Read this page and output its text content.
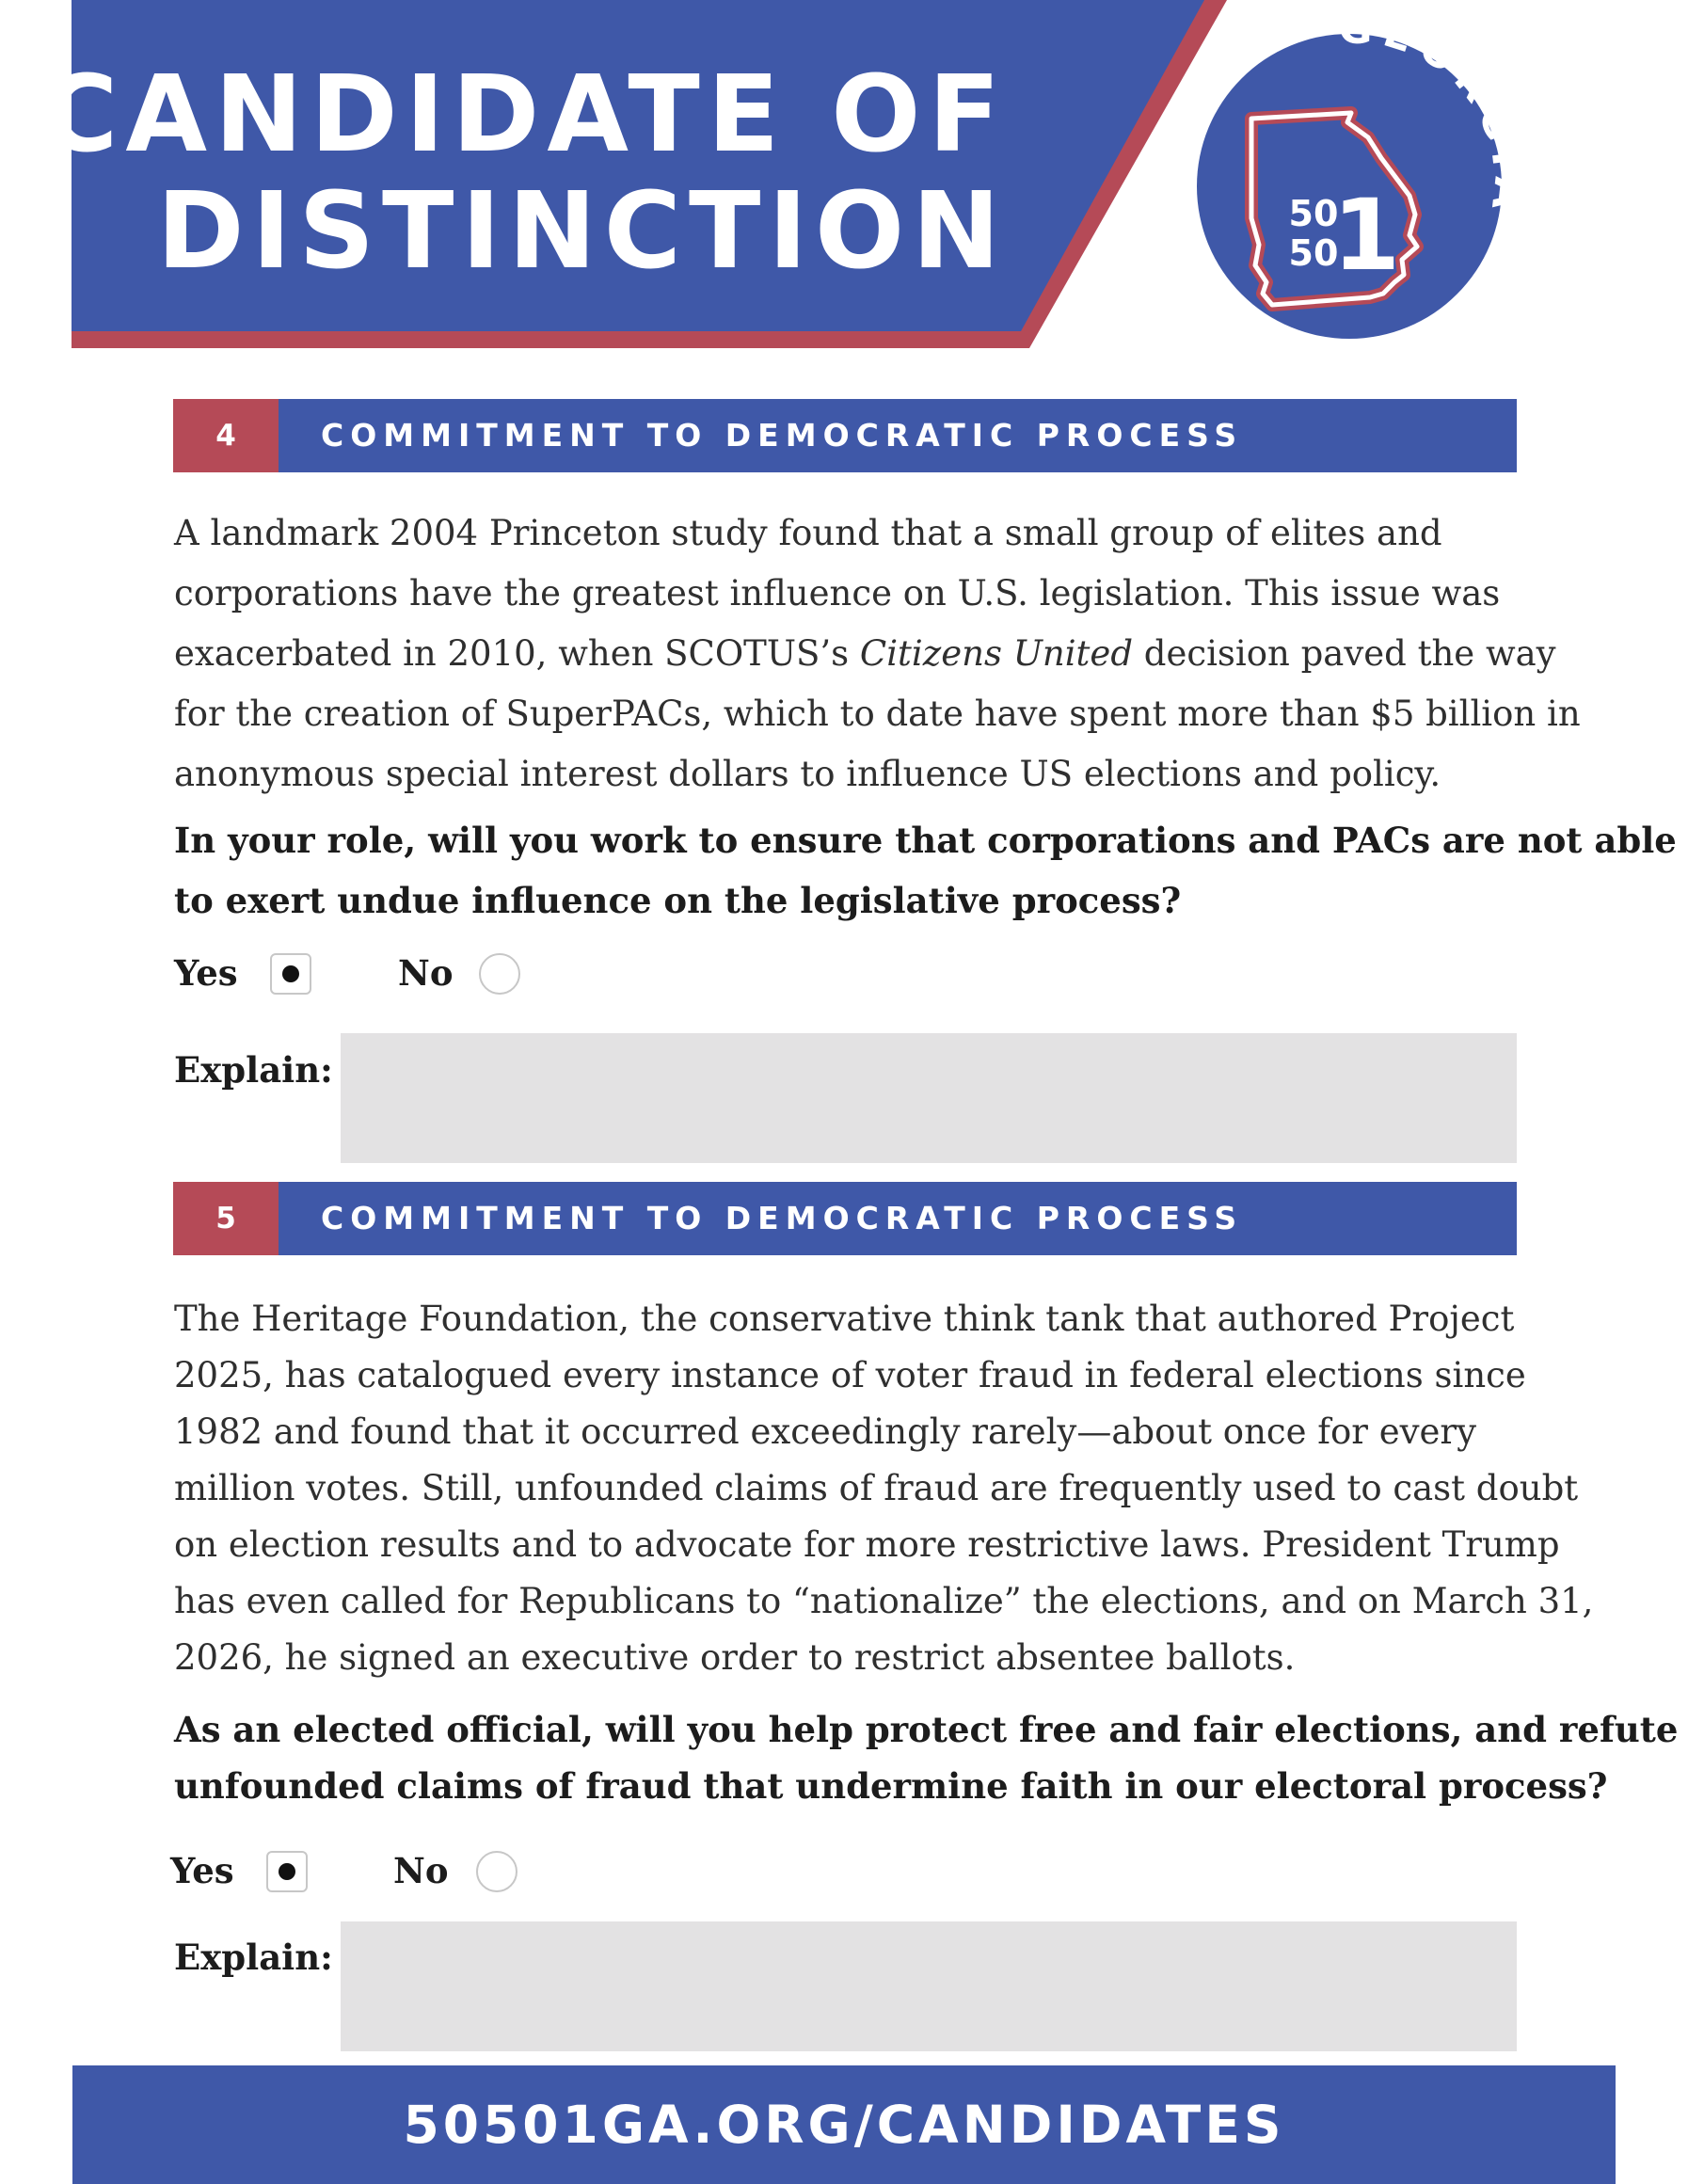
GEORGIA
50
50
1
CANDIDATE OF
DISTINCTION
4	COMMITMENT TO DEMOCRATIC PROCESS
A landmark 2004 Princeton study found that a small group of elites and
corporations have the greatest influence on U.S. legislation. This issue was
exacerbated in 2010, when SCOTUS’s Citizens United decision paved the way
for the creation of SuperPACs, which to date have spent more than $5 billion in
anonymous special interest dollars to influence US elections and policy.
In your role, will you work to ensure that corporations and PACs are not able
to exert undue influence on the legislative process?
Yes	No
Explain:
5	COMMITMENT TO DEMOCRATIC PROCESS
The Heritage Foundation, the conservative think tank that authored Project
2025, has catalogued every instance of voter fraud in federal elections since
1982 and found that it occurred exceedingly rarely—about once for every
million votes. Still, unfounded claims of fraud are frequently used to cast doubt
on election results and to advocate for more restrictive laws. President Trump
has even called for Republicans to “nationalize” the elections, and on March 31,
2026, he signed an executive order to restrict absentee ballots.
As an elected official, will you help protect free and fair elections, and refute
unfounded claims of fraud that undermine faith in our electoral process?
Yes	No
Explain:
50501GA.ORG/CANDIDATES
